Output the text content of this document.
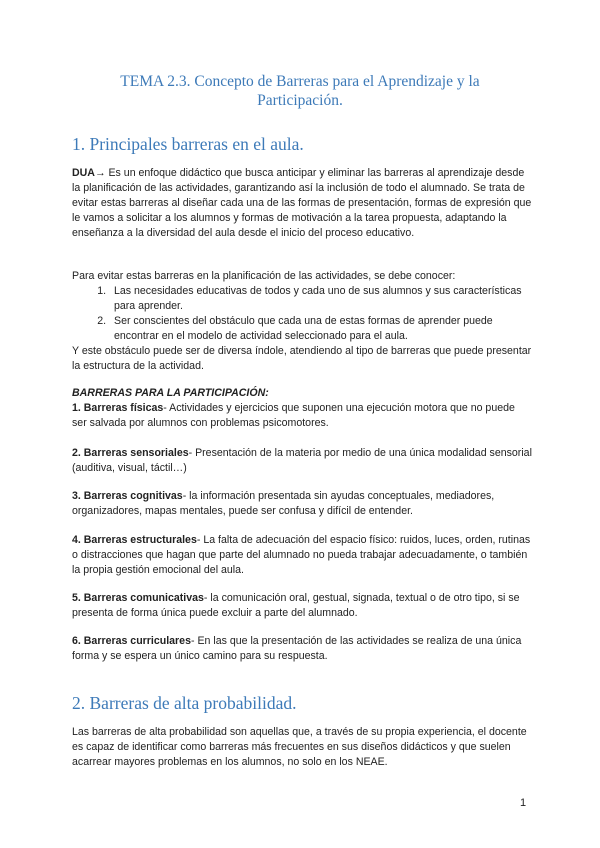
TEMA 2.3. Concepto de Barreras para el Aprendizaje y la
Participación.
1. Principales barreras en el aula.

DUA→ Es un enfoque didáctico que busca anticipar y eliminar las barreras al aprendizaje desde la planificación de las actividades, garantizando así la inclusión de todo el alumnado. Se trata de evitar estas barreras al diseñar cada una de las formas de presentación, formas de expresión que le vamos a solicitar a los alumnos y formas de motivación a la tarea propuesta, adaptando la enseñanza a la diversidad del aula desde el inicio del proceso educativo.

Para evitar estas barreras en la planificación de las actividades, se debe conocer:

1. Las necesidades educativas de todos y cada uno de sus alumnos y sus características para aprender.
2. Ser conscientes del obstáculo que cada una de estas formas de aprender puede encontrar en el modelo de actividad seleccionado para el aula.

Y este obstáculo puede ser de diversa índole, atendiendo al tipo de barreras que puede presentar la estructura de la actividad.

BARRERAS PARA LA PARTICIPACIÓN:

1. Barreras físicas- Actividades y ejercicios que suponen una ejecución motora que no puede ser salvada por alumnos con problemas psicomotores.

2. Barreras sensoriales- Presentación de la materia por medio de una única modalidad sensorial (auditiva, visual, táctil…)

3. Barreras cognitivas- la información presentada sin ayudas conceptuales, mediadores, organizadores, mapas mentales, puede ser confusa y difícil de entender.

4. Barreras estructurales- La falta de adecuación del espacio físico: ruidos, luces, orden, rutinas o distracciones que hagan que parte del alumnado no pueda trabajar adecuadamente, o también la propia gestión emocional del aula.

5. Barreras comunicativas- la comunicación oral, gestual, signada, textual o de otro tipo, si se presenta de forma única puede excluir a parte del alumnado.

6. Barreras curriculares- En las que la presentación de las actividades se realiza de una única forma y se espera un único camino para su respuesta.

2. Barreras de alta probabilidad.

Las barreras de alta probabilidad son aquellas que, a través de su propia experiencia, el docente es capaz de identificar como barreras más frecuentes en sus diseños didácticos y que suelen acarrear mayores problemas en los alumnos, no solo en los NEAE.

1
